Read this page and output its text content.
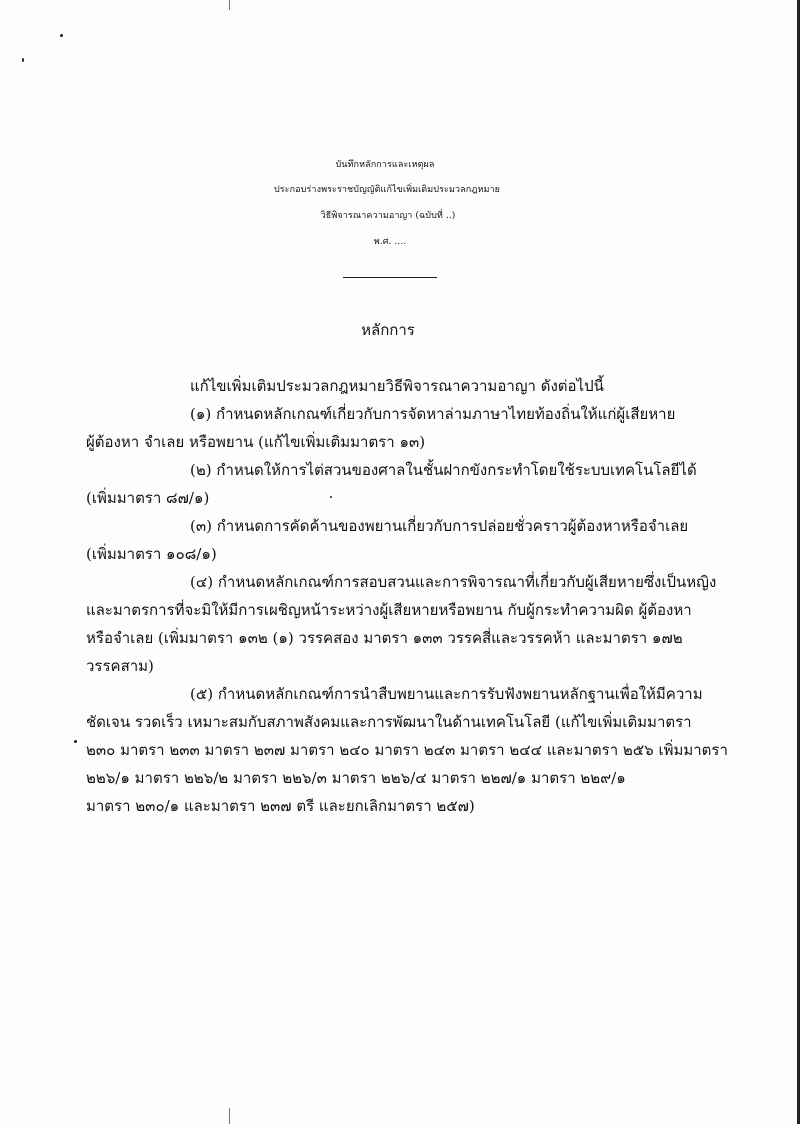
บันทึกหลักการและเหตุผล
ประกอบร่างพระราชบัญญัติแก้ไขเพิ่มเติมประมวลกฎหมาย
วิธีพิจารณาความอาญา (ฉบับที่ ..)
พ.ศ. ....
หลักการ
แก้ไขเพิ่มเติมประมวลกฎหมายวิธีพิจารณาความอาญา ดังต่อไปนี้
(๑) กำหนดหลักเกณฑ์เกี่ยวกับการจัดหาล่ามภาษาไทยท้องถิ่นให้แก่ผู้เสียหาย
ผู้ต้องหา จำเลย หรือพยาน (แก้ไขเพิ่มเติมมาตรา ๑๓)
(๒) กำหนดให้การไต่สวนของศาลในชั้นฝากขังกระทำโดยใช้ระบบเทคโนโลยีได้
(เพิ่มมาตรา ๘๗/๑)
(๓) กำหนดการคัดค้านของพยานเกี่ยวกับการปล่อยชั่วคราวผู้ต้องหาหรือจำเลย
(เพิ่มมาตรา ๑๐๘/๑)
(๔) กำหนดหลักเกณฑ์การสอบสวนและการพิจารณาที่เกี่ยวกับผู้เสียหายซึ่งเป็นหญิง
และมาตรการที่จะมิให้มีการเผชิญหน้าระหว่างผู้เสียหายหรือพยาน กับผู้กระทำความผิด ผู้ต้องหา
หรือจำเลย (เพิ่มมาตรา ๑๓๒ (๑) วรรคสอง มาตรา ๑๓๓ วรรคสี่และวรรคห้า และมาตรา ๑๗๒
วรรคสาม)
(๕) กำหนดหลักเกณฑ์การนำสืบพยานและการรับฟังพยานหลักฐานเพื่อให้มีความ
ชัดเจน รวดเร็ว เหมาะสมกับสภาพสังคมและการพัฒนาในด้านเทคโนโลยี (แก้ไขเพิ่มเติมมาตรา
๒๓๐ มาตรา ๒๓๓ มาตรา ๒๓๗ มาตรา ๒๔๐ มาตรา ๒๔๓ มาตรา ๒๔๔ และมาตรา ๒๕๖ เพิ่มมาตรา
๒๒๖/๑ มาตรา ๒๒๖/๒ มาตรา ๒๒๖/๓ มาตรา ๒๒๖/๔ มาตรา ๒๒๗/๑ มาตรา ๒๒๙/๑
มาตรา ๒๓๐/๑ และมาตรา ๒๓๗ ตรี และยกเลิกมาตรา ๒๕๗)
